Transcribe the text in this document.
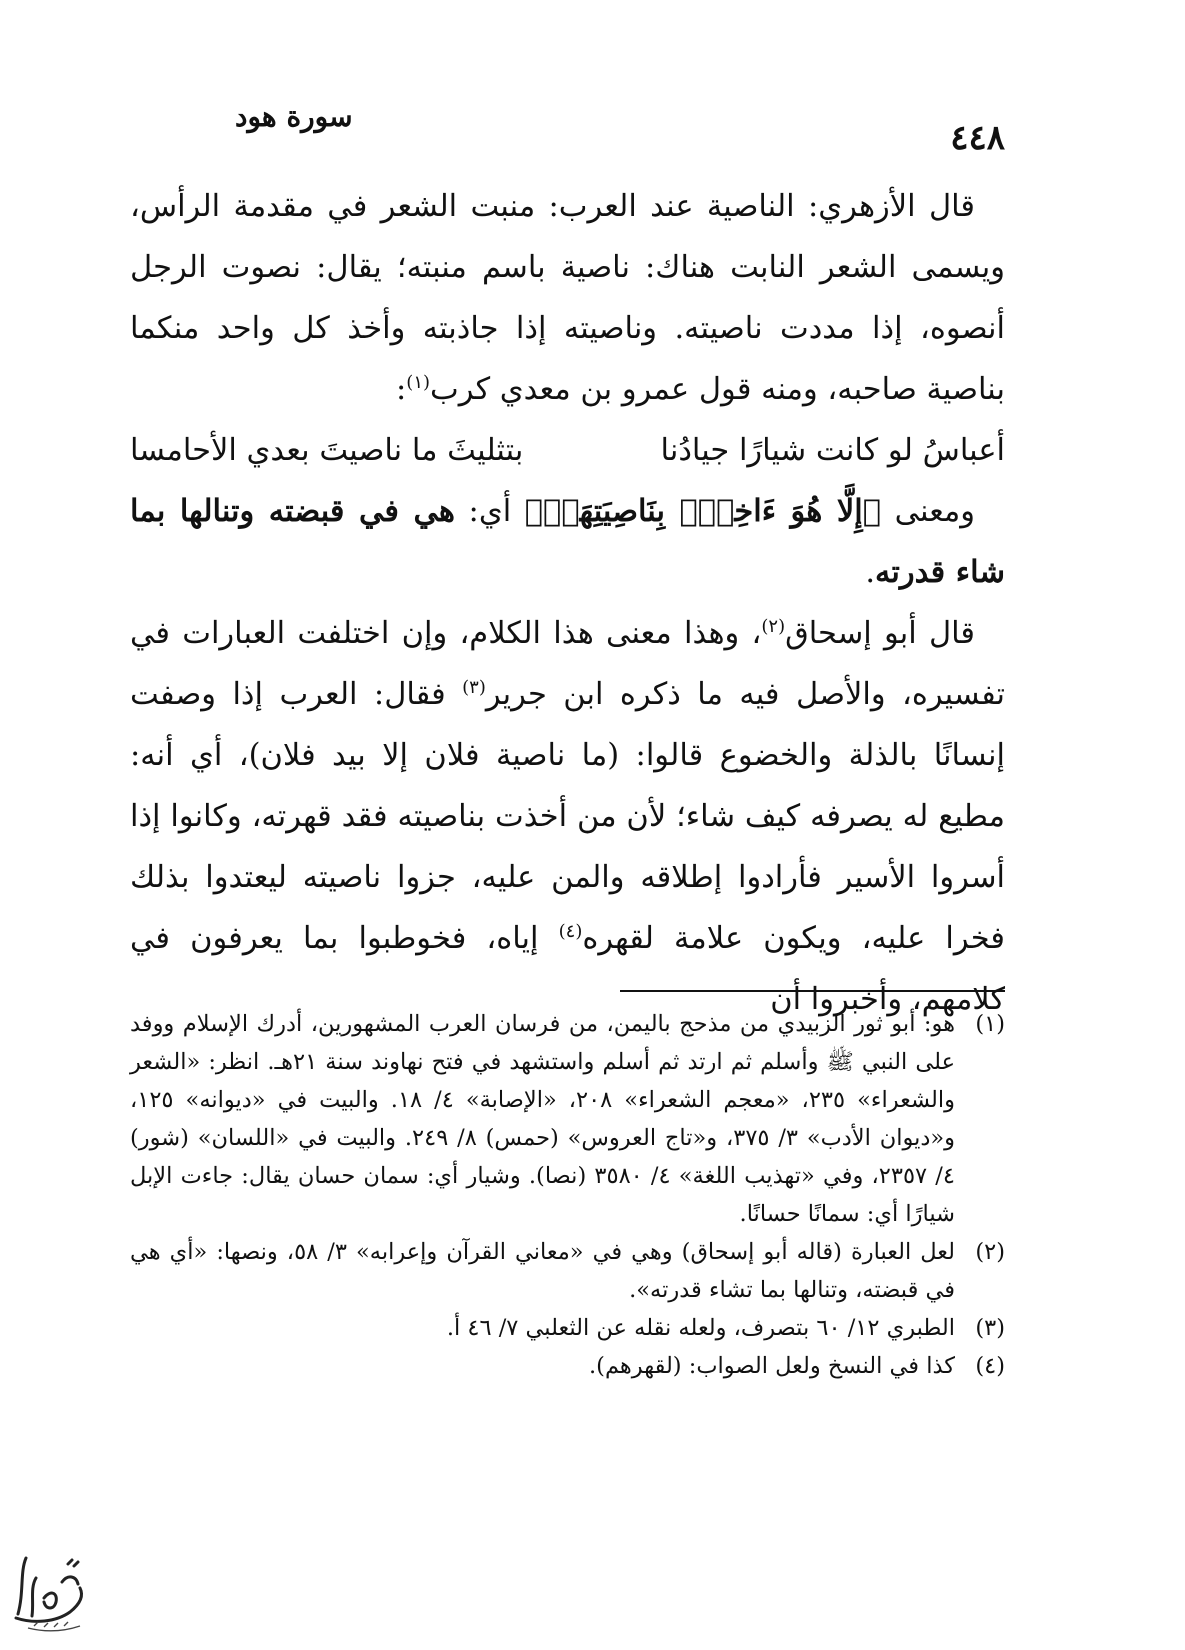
٤٤٨
سورة هود

قال الأزهري: الناصية عند العرب: منبت الشعر في مقدمة الرأس، ويسمى الشعر النابت هناك: ناصية باسم منبته؛ يقال: نصوت الرجل أنصوه، إذا مددت ناصيته. وناصيته إذا جاذبته وأخذ كل واحد منكما بناصية صاحبه، ومنه قول عمرو بن معدي كرب$^{(١)}$:

أعباسُ لو كانت شيارًا جيادُنا
بتثليثَ ما ناصيتَ بعدي الأحامسا

ومعنى ﴿إِلَّا هُوَ ءَاخِذُۢ بِنَاصِيَتِهَآۚ﴾ أي: هي في قبضته وتنالها بما شاء قدرته.

قال أبو إسحاق$^{(٢)}$، وهذا معنى هذا الكلام، وإن اختلفت العبارات في تفسيره، والأصل فيه ما ذكره ابن جرير$^{(٣)}$ فقال: العرب إذا وصفت إنسانًا بالذلة والخضوع قالوا: (ما ناصية فلان إلا بيد فلان)، أي أنه: مطيع له يصرفه كيف شاء؛ لأن من أخذت بناصيته فقد قهرته، وكانوا إذا أسروا الأسير فأرادوا إطلاقه والمن عليه، جزوا ناصيته ليعتدوا بذلك فخرا عليه، ويكون علامة لقهره$^{(٤)}$ إياه، فخوطبوا بما يعرفون في كلامهم، وأخبروا أن

(١)
هو: أبو ثور الزبيدي من مذحج باليمن، من فرسان العرب المشهورين، أدرك الإسلام ووفد على النبي ﷺ وأسلم ثم ارتد ثم أسلم واستشهد في فتح نهاوند سنة ٢١هـ. انظر: «الشعر والشعراء» ٢٣٥، «معجم الشعراء» ٢٠٨، «الإصابة» ٤/ ١٨. والبيت في «ديوانه» ١٢٥، و«ديوان الأدب» ٣/ ٣٧٥، و«تاج العروس» (حمس) ٨/ ٢٤٩. والبيت في «اللسان» (شور) ٤/ ٢٣٥٧، وفي «تهذيب اللغة» ٤/ ٣٥٨٠ (نصا). وشيار أي: سمان حسان يقال: جاءت الإبل شيارًا أي: سمانًا حسانًا.
(٢)
لعل العبارة (قاله أبو إسحاق) وهي في «معاني القرآن وإعرابه» ٣/ ٥٨، ونصها: «أي هي في قبضته، وتنالها بما تشاء قدرته».
(٣)
الطبري ١٢/ ٦٠ بتصرف، ولعله نقله عن الثعلبي ٧/ ٤٦ أ.
(٤)
كذا في النسخ ولعل الصواب: (لقهرهم).
